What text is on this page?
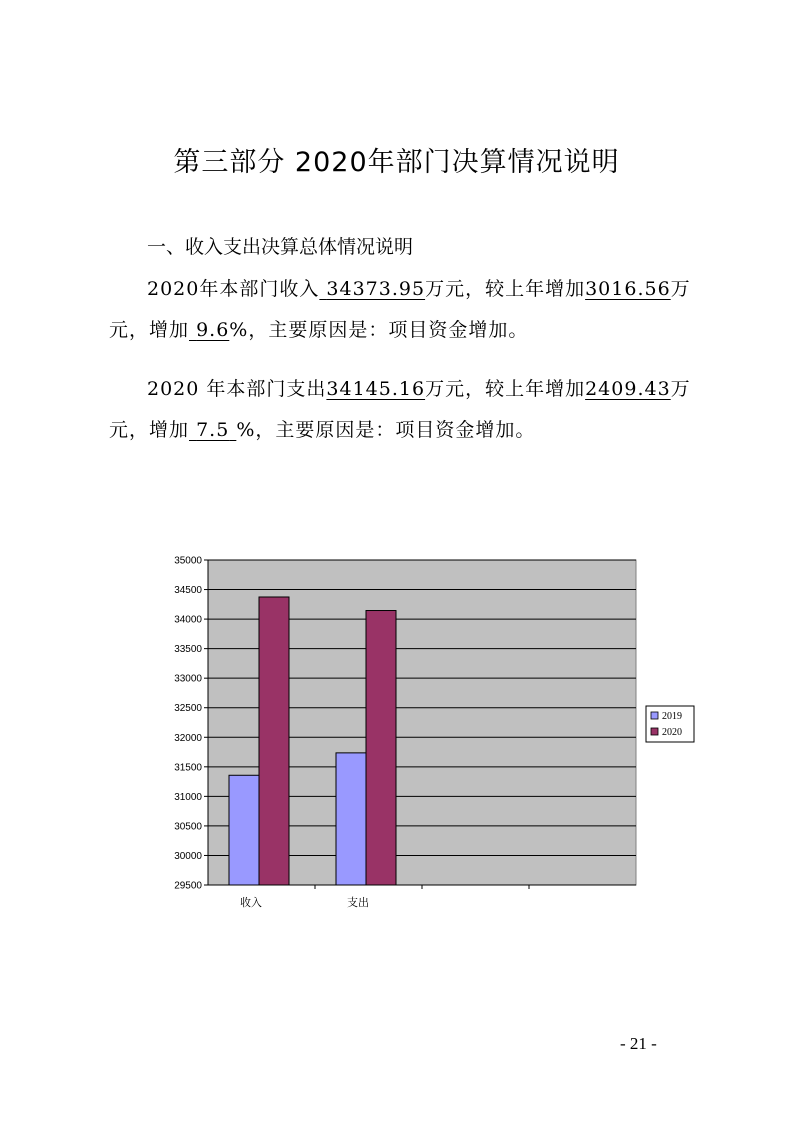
第三部分 2020年部门决算情况说明
一、收入支出决算总体情况说明

2020年本部门收入 34373.95万元，较上年增加3016.56万元，增加 9.6%，主要原因是：项目资金增加。

2020 年本部门支出34145.16万元，较上年增加2409.43万元，增加 7.5 %，主要原因是：项目资金增加。

29500
30000
30500
31000
31500
32000
32500
33000
33500
34000
34500
35000
收入	支出
2019
2020
- 21 -
